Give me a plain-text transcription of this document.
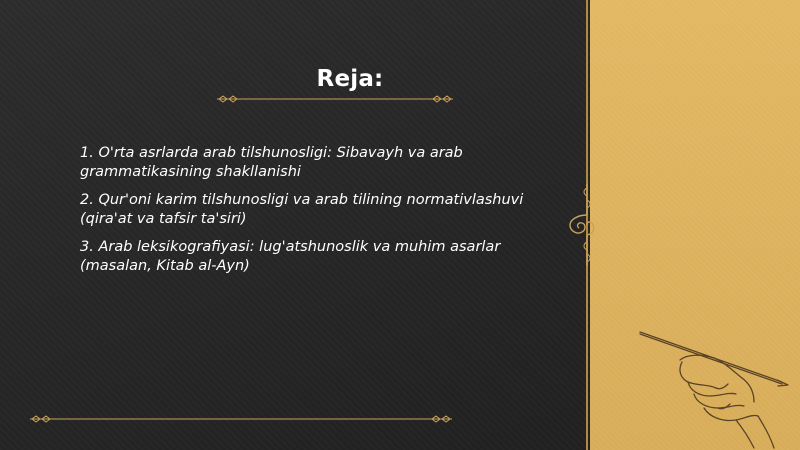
Reja:
1. O'rta asrlarda arab tilshunosligi: Sibavayh va arab grammatikasining shakllanishi
2. Qur'oni karim tilshunosligi va arab tilining normativlashuvi (qira'at va tafsir ta'siri)
3. Arab leksikografiyasi: lug'atshunoslik va muhim asarlar (masalan, Kitab al-Ayn)
